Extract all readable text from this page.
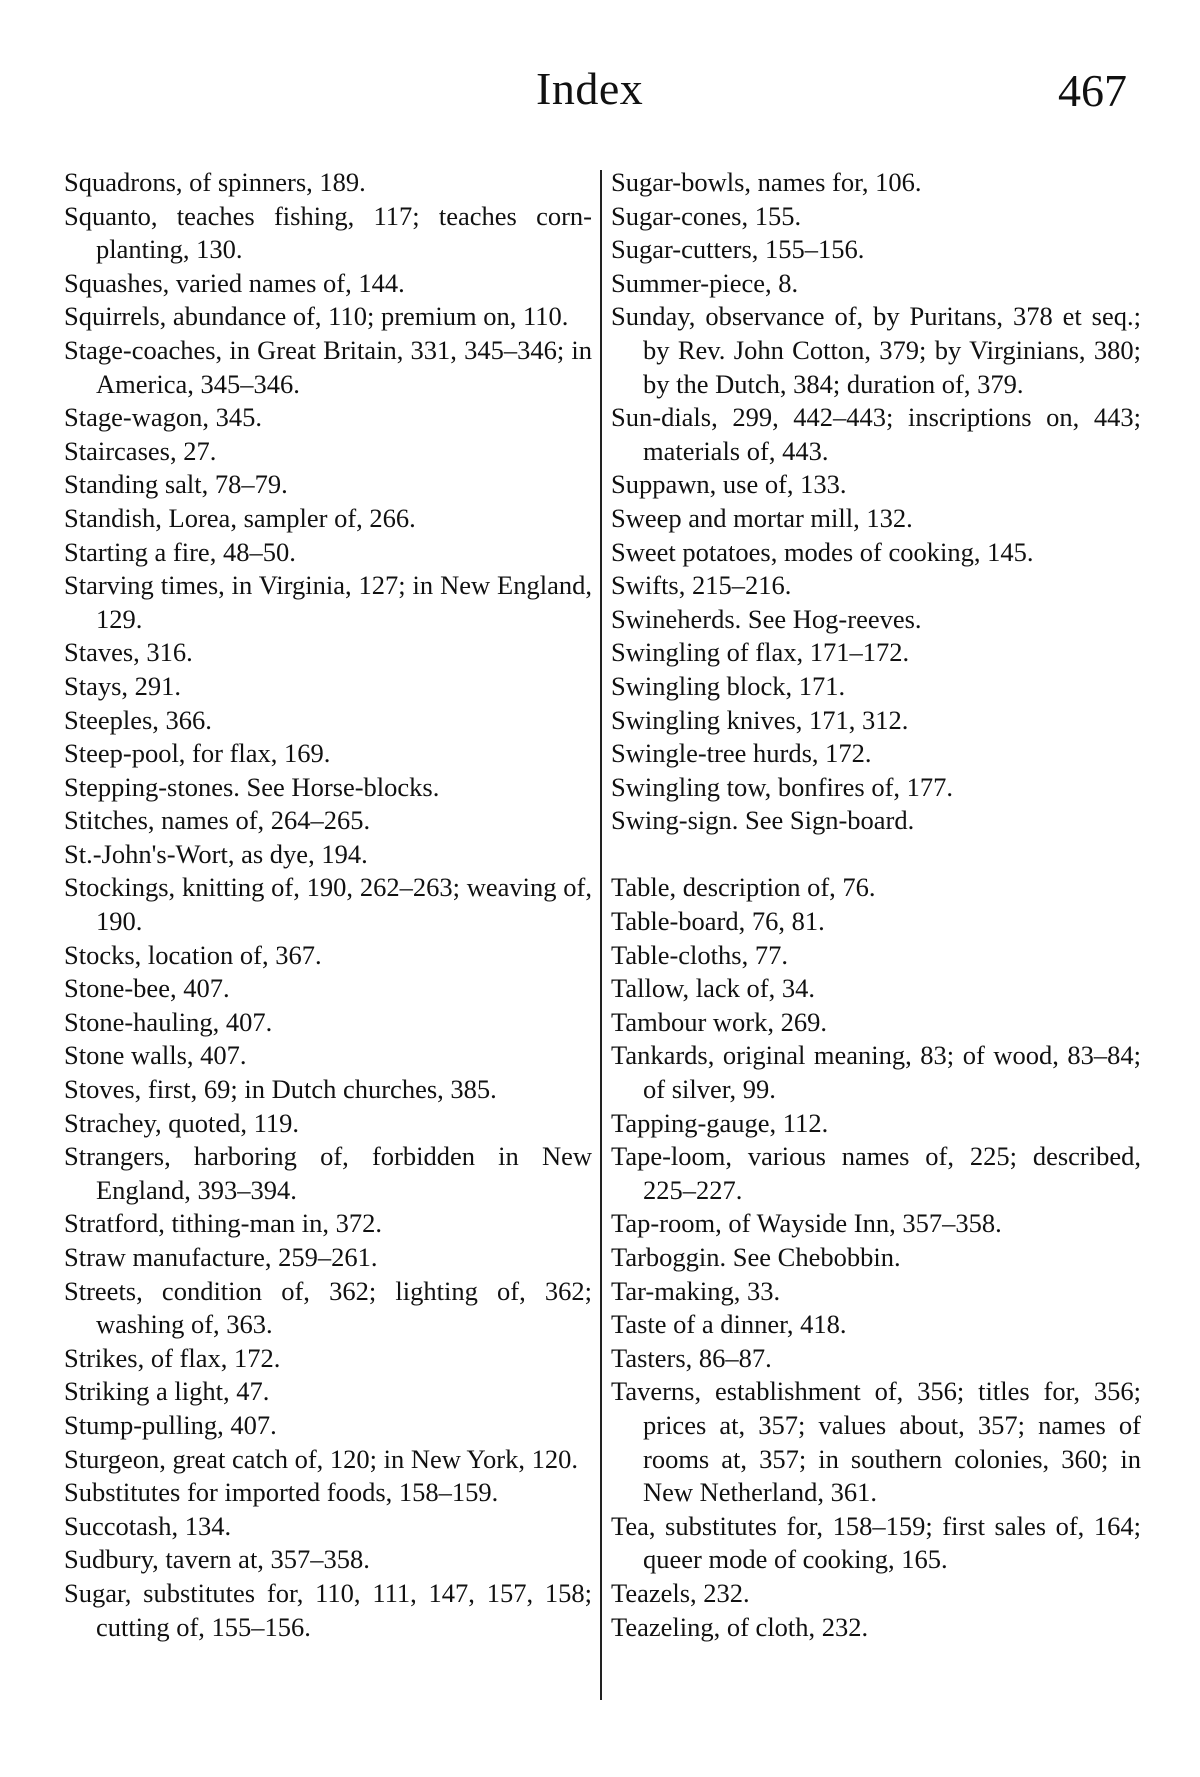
Index	467

Squadrons, of spinners, 189.

Squanto, teaches fishing, 117; teaches corn-planting, 130.

Squashes, varied names of, 144.

Squirrels, abundance of, 110; premium on, 110.

Stage-coaches, in Great Britain, 331, 345–346; in America, 345–346.

Stage-wagon, 345.

Staircases, 27.

Standing salt, 78–79.

Standish, Lorea, sampler of, 266.

Starting a fire, 48–50.

Starving times, in Virginia, 127; in New England, 129.

Staves, 316.

Stays, 291.

Steeples, 366.

Steep-pool, for flax, 169.

Stepping-stones. See Horse-blocks.

Stitches, names of, 264–265.

St.-John's-Wort, as dye, 194.

Stockings, knitting of, 190, 262–263; weaving of, 190.

Stocks, location of, 367.

Stone-bee, 407.

Stone-hauling, 407.

Stone walls, 407.

Stoves, first, 69; in Dutch churches, 385.

Strachey, quoted, 119.

Strangers, harboring of, forbidden in New England, 393–394.

Stratford, tithing-man in, 372.

Straw manufacture, 259–261.

Streets, condition of, 362; lighting of, 362; washing of, 363.

Strikes, of flax, 172.

Striking a light, 47.

Stump-pulling, 407.

Sturgeon, great catch of, 120; in New York, 120.

Substitutes for imported foods, 158–159.

Succotash, 134.

Sudbury, tavern at, 357–358.

Sugar, substitutes for, 110, 111, 147, 157, 158; cutting of, 155–156.

Sugar-bowls, names for, 106.

Sugar-cones, 155.

Sugar-cutters, 155–156.

Summer-piece, 8.

Sunday, observance of, by Puritans, 378 et seq.; by Rev. John Cotton, 379; by Virginians, 380; by the Dutch, 384; duration of, 379.

Sun-dials, 299, 442–443; inscriptions on, 443; materials of, 443.

Suppawn, use of, 133.

Sweep and mortar mill, 132.

Sweet potatoes, modes of cooking, 145.

Swifts, 215–216.

Swineherds. See Hog-reeves.

Swingling of flax, 171–172.

Swingling block, 171.

Swingling knives, 171, 312.

Swingle-tree hurds, 172.

Swingling tow, bonfires of, 177.

Swing-sign. See Sign-board.

Table, description of, 76.

Table-board, 76, 81.

Table-cloths, 77.

Tallow, lack of, 34.

Tambour work, 269.

Tankards, original meaning, 83; of wood, 83–84; of silver, 99.

Tapping-gauge, 112.

Tape-loom, various names of, 225; described, 225–227.

Tap-room, of Wayside Inn, 357–358.

Tarboggin. See Chebobbin.

Tar-making, 33.

Taste of a dinner, 418.

Tasters, 86–87.

Taverns, establishment of, 356; titles for, 356; prices at, 357; values about, 357; names of rooms at, 357; in southern colonies, 360; in New Netherland, 361.

Tea, substitutes for, 158–159; first sales of, 164; queer mode of cooking, 165.

Teazels, 232.

Teazeling, of cloth, 232.
